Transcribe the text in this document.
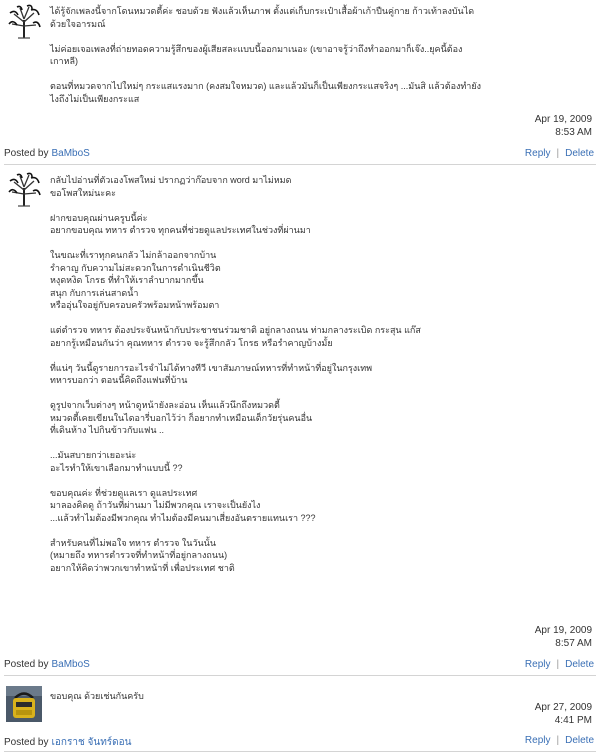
ได้รู้จักเพลงนี้จากโดนหมวดตี้ค่ะ ชอบด้วย ฟังแล้วเห็นภาพ ตั้งแต่เก็บกระเป๋าเสื้อผ้าเก้าปืนคู่กาย ก้าวเท้าลงบันได
ด้วยใจอารมณ์

ไม่ค่อยเจอเพลงที่ถ่ายทอดความรู้สึกของผู้เสียสละแบบนี้ออกมาเนอะ (เขาอาจรู้ว่าถึงทำออกมาก็เจ๊ง..ยุคนี้ต้อง
เกาหลี)

ตอนที่หมวดจากไปใหม่ๆ กระแสแรงมาก (คงสมใจหมวด) และแล้วมันก็เป็นเพียงกระแสจริงๆ ...มันสิ แล้วต้องทำยัง
ไงถึงไม่เป็นเพียงกระแส

Apr 19, 2009
8:53 AM
Posted by BaMboS	Reply | Delete

กลับไปอ่านที่ตัวเองโพสใหม่ ปรากฏว่าก๊อบจาก word มาไม่หมด
ขอโพสใหม่นะคะ

ฝากขอบคุณผ่านครูบนี้ค่ะ
อยากขอบคุณ ทหาร ตำรวจ ทุกคนที่ช่วยดูแลประเทศในช่วงที่ผ่านมา

ในขณะที่เราทุกคนกลัว ไม่กล้าออกจากบ้าน
รำคาญ กับความไม่สะดวกในการดำเนินชีวิต
หงุดหงิด โกรธ ที่ทำให้เราลำบากมากขึ้น
สนุก กับการเล่นสาดน้ำ
หรืออุ่นใจอยู่กับครอบครัวพร้อมหน้าพร้อมตา

แต่ตำรวจ ทหาร ต้องประจันหน้ากับประชาชนร่วมชาติ อยู่กลางถนน ท่ามกลางระเบิด กระสุน แก๊ส
อยากรู้เหมือนกันว่า คุณทหาร ตำรวจ จะรู้สึกกลัว โกรธ หรือรำคาญบ้างมั้ย

ที่แน่ๆ วันนี้ดูรายการอะไรจำไม่ได้ทางทีวี เขาสัมภาษณ์ทหารที่ทำหน้าที่อยู่ในกรุงเทพ
ทหารบอกว่า ตอนนี้คิดถึงแฟนที่บ้าน

ดูรูปจากเว็บต่างๆ หน้าดูหน้ายังละอ่อน เห็นแล้วนึกถึงหมวดตี้
หมวดตี้เคยเขียนในไดอารี่บอกไว้ว่า ก็อยากทำเหมือนเด็กวัยรุ่นคนอื่น
ที่เดินห้าง ไปกินข้าวกับแฟน ..

...มันสบายกว่าเยอะน่ะ
อะไรทำให้เขาเลือกมาทำแบบนี้ ??

ขอบคุณค่ะ ที่ช่วยดูแลเรา ดูแลประเทศ
มาลองคิดดู ถ้าวันที่ผ่านมา ไม่มีพวกคุณ เราจะเป็นยังไง
...แล้วทำไมต้องมีพวกคุณ ทำไมต้องมีคนมาเสี่ยงอันตรายแทนเรา ???

สำหรับคนที่ไม่พอใจ ทหาร ตำรวจ ในวันนั้น
(หมายถึง ทหารตำรวจที่ทำหน้าที่อยู่กลางถนน)
อยากให้คิดว่าพวกเขาทำหน้าที่ เพื่อประเทศ ชาติ

Apr 19, 2009
8:57 AM
Posted by BaMboS	Reply | Delete

ขอบคุณ ด้วยเช่นกันครับ

Apr 27, 2009
4:41 PM
Posted by เอกราช จันทร์ดอน	Reply | Delete
